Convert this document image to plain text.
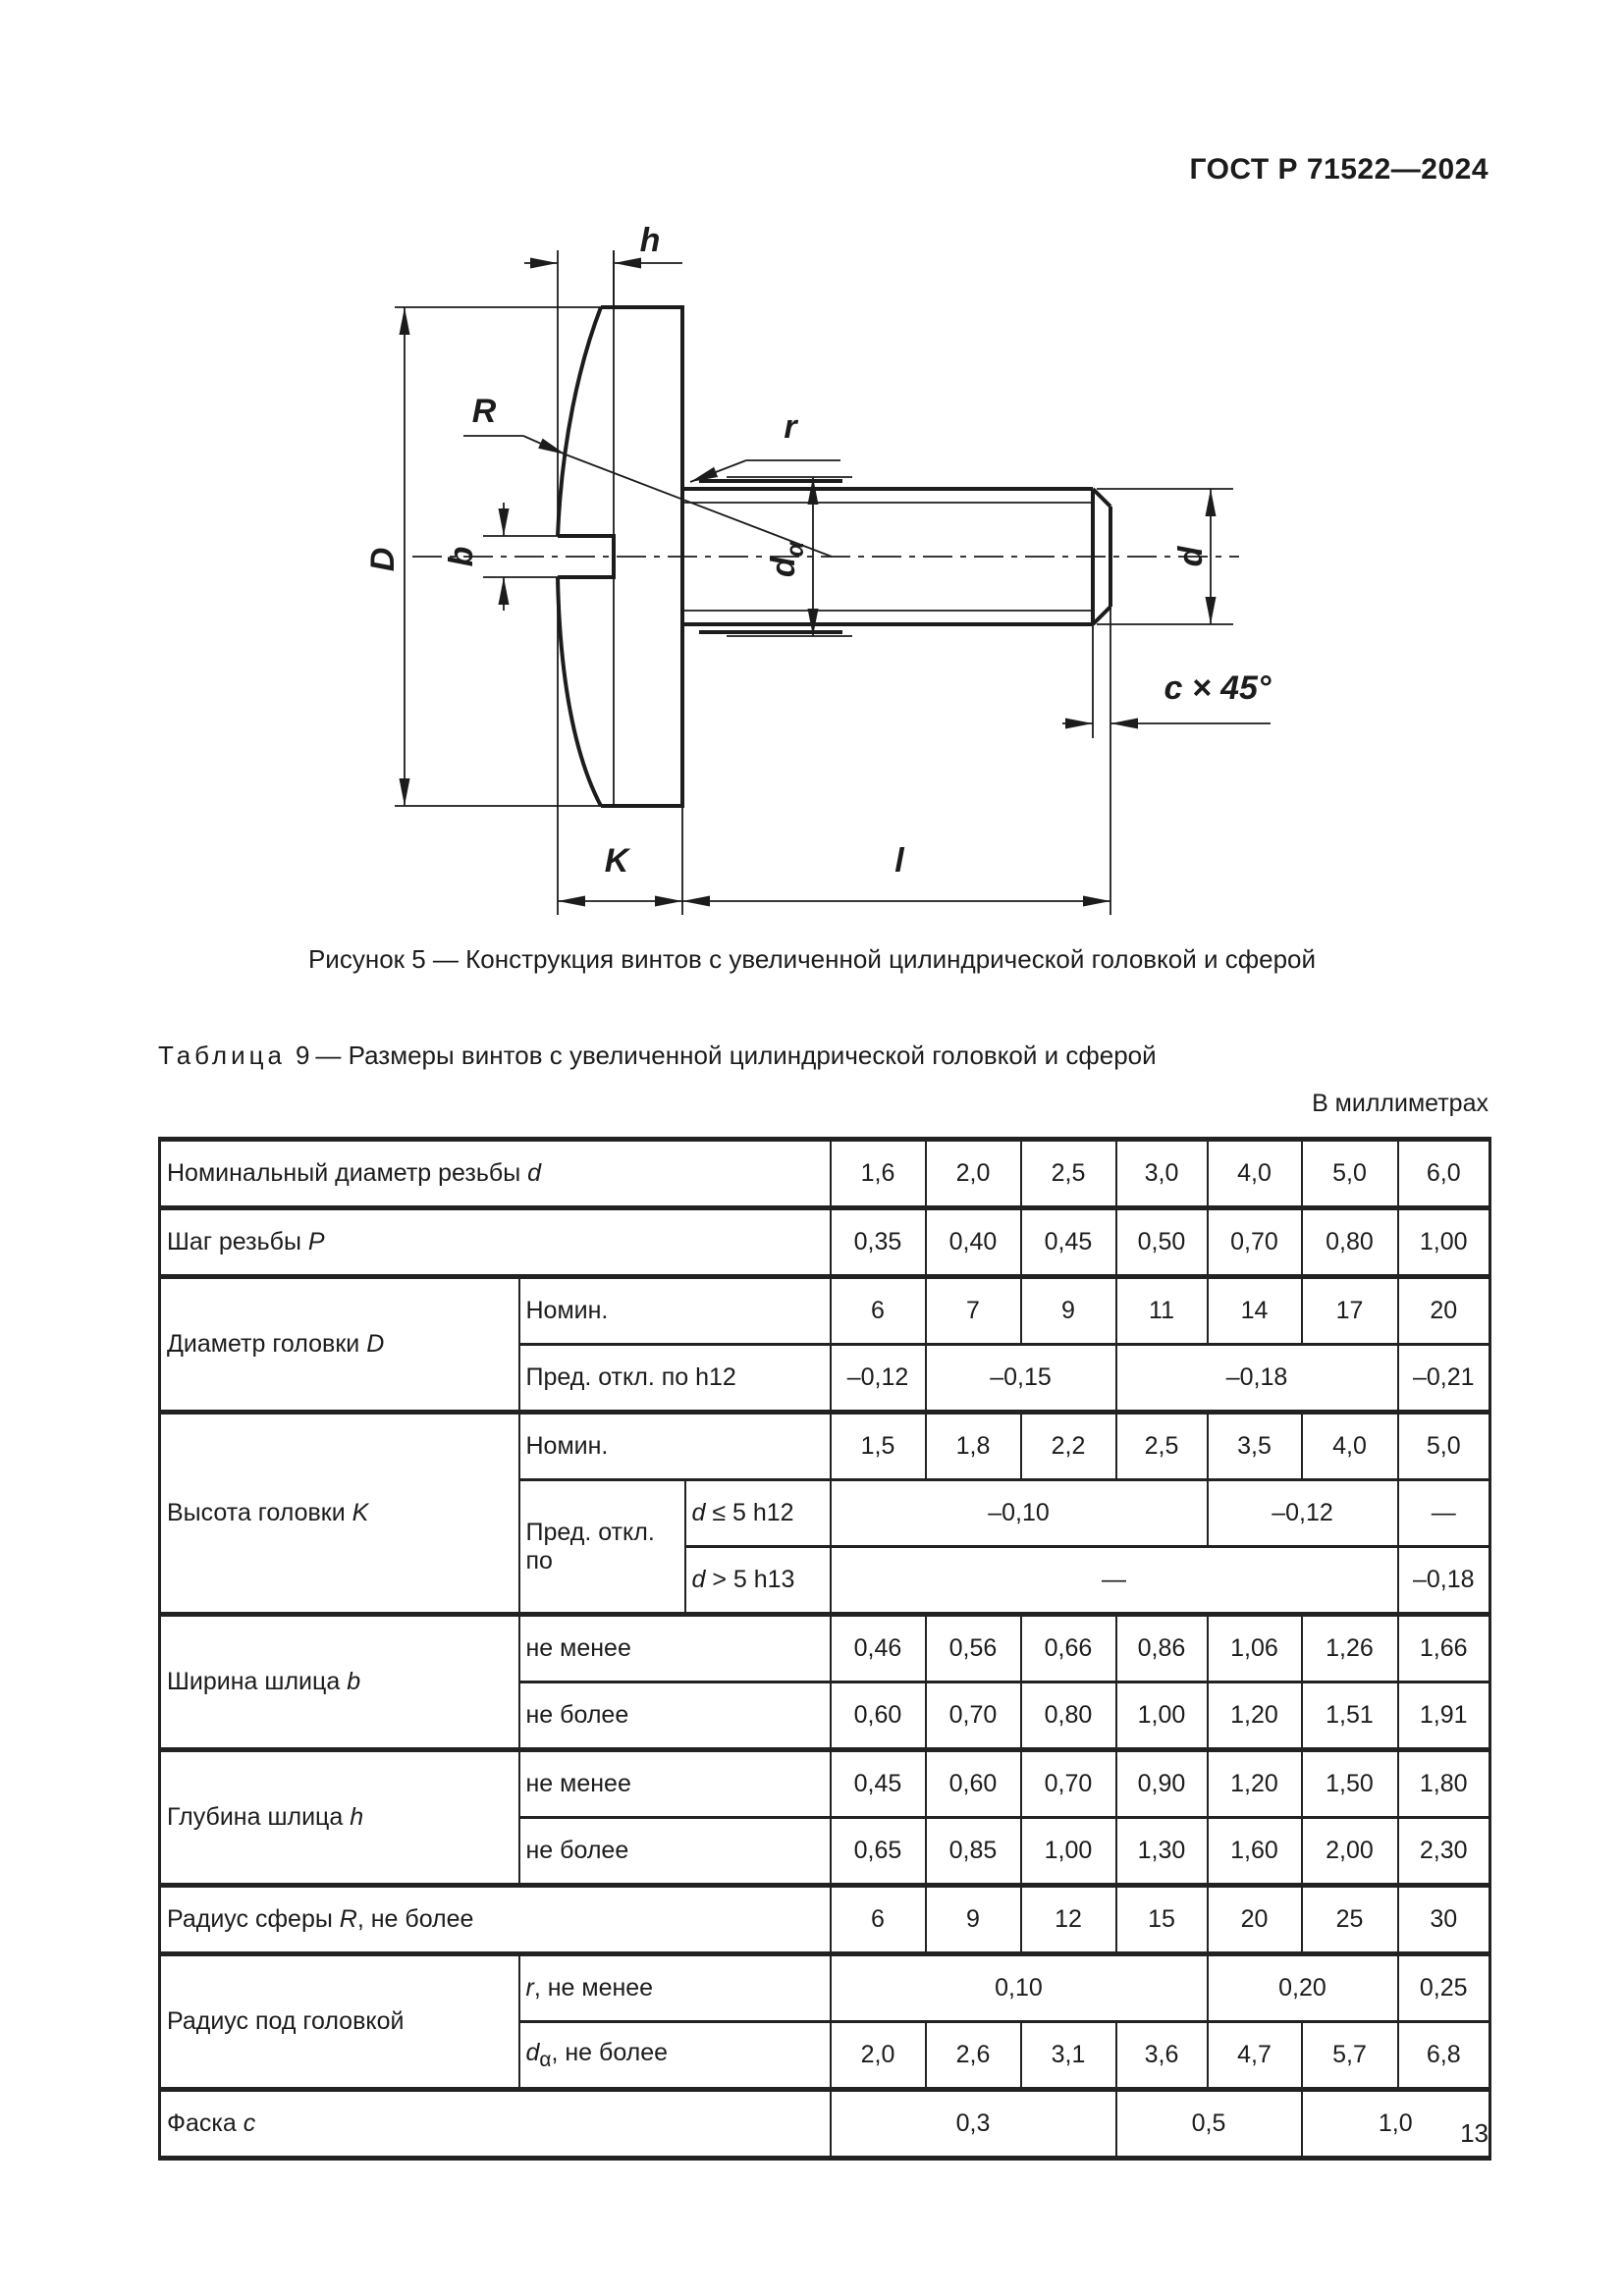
ГОСТ Р 71522—2024
D
h
b
R	r
$d_\alpha$	d
c × 45°
K	l
Рисунок 5 — Конструкция винтов с увеличенной цилиндрической головкой и сферой
Таблица 9 — Размеры винтов с увеличенной цилиндрической головкой и сферой
В миллиметрах
Номинальный диаметр резьбы d			1,6	2,0	2,5	3,0	4,0	5,0	6,0
Шаг резьбы P			0,35	0,40	0,45	0,50	0,70	0,80	1,00
Диаметр головки D	Номин.		6	7	9	11	14	17	20
	Пред. откл. по h12		–0,12	–0,15		–0,18			–0,21
Высота головки K	Номин.		1,5	1,8	2,2	2,5	3,5	4,0	5,0
	Пред. откл. по	d ≤ 5 h12	–0,10				–0,12		—
		d > 5 h13	—						–0,18
Ширина шлица b	не менее		0,46	0,56	0,66	0,86	1,06	1,26	1,66
	не более		0,60	0,70	0,80	1,00	1,20	1,51	1,91
Глубина шлица h	не менее		0,45	0,60	0,70	0,90	1,20	1,50	1,80
	не более		0,65	0,85	1,00	1,30	1,60	2,00	2,30
Радиус сферы R, не более			6	9	12	15	20	25	30
Радиус под головкой	r, не менее		0,10				0,20		0,25
	$d_\alpha$, не более		2,0	2,6	3,1	3,6	4,7	5,7	6,8
Фаска c			0,3			0,5		1,0		13
